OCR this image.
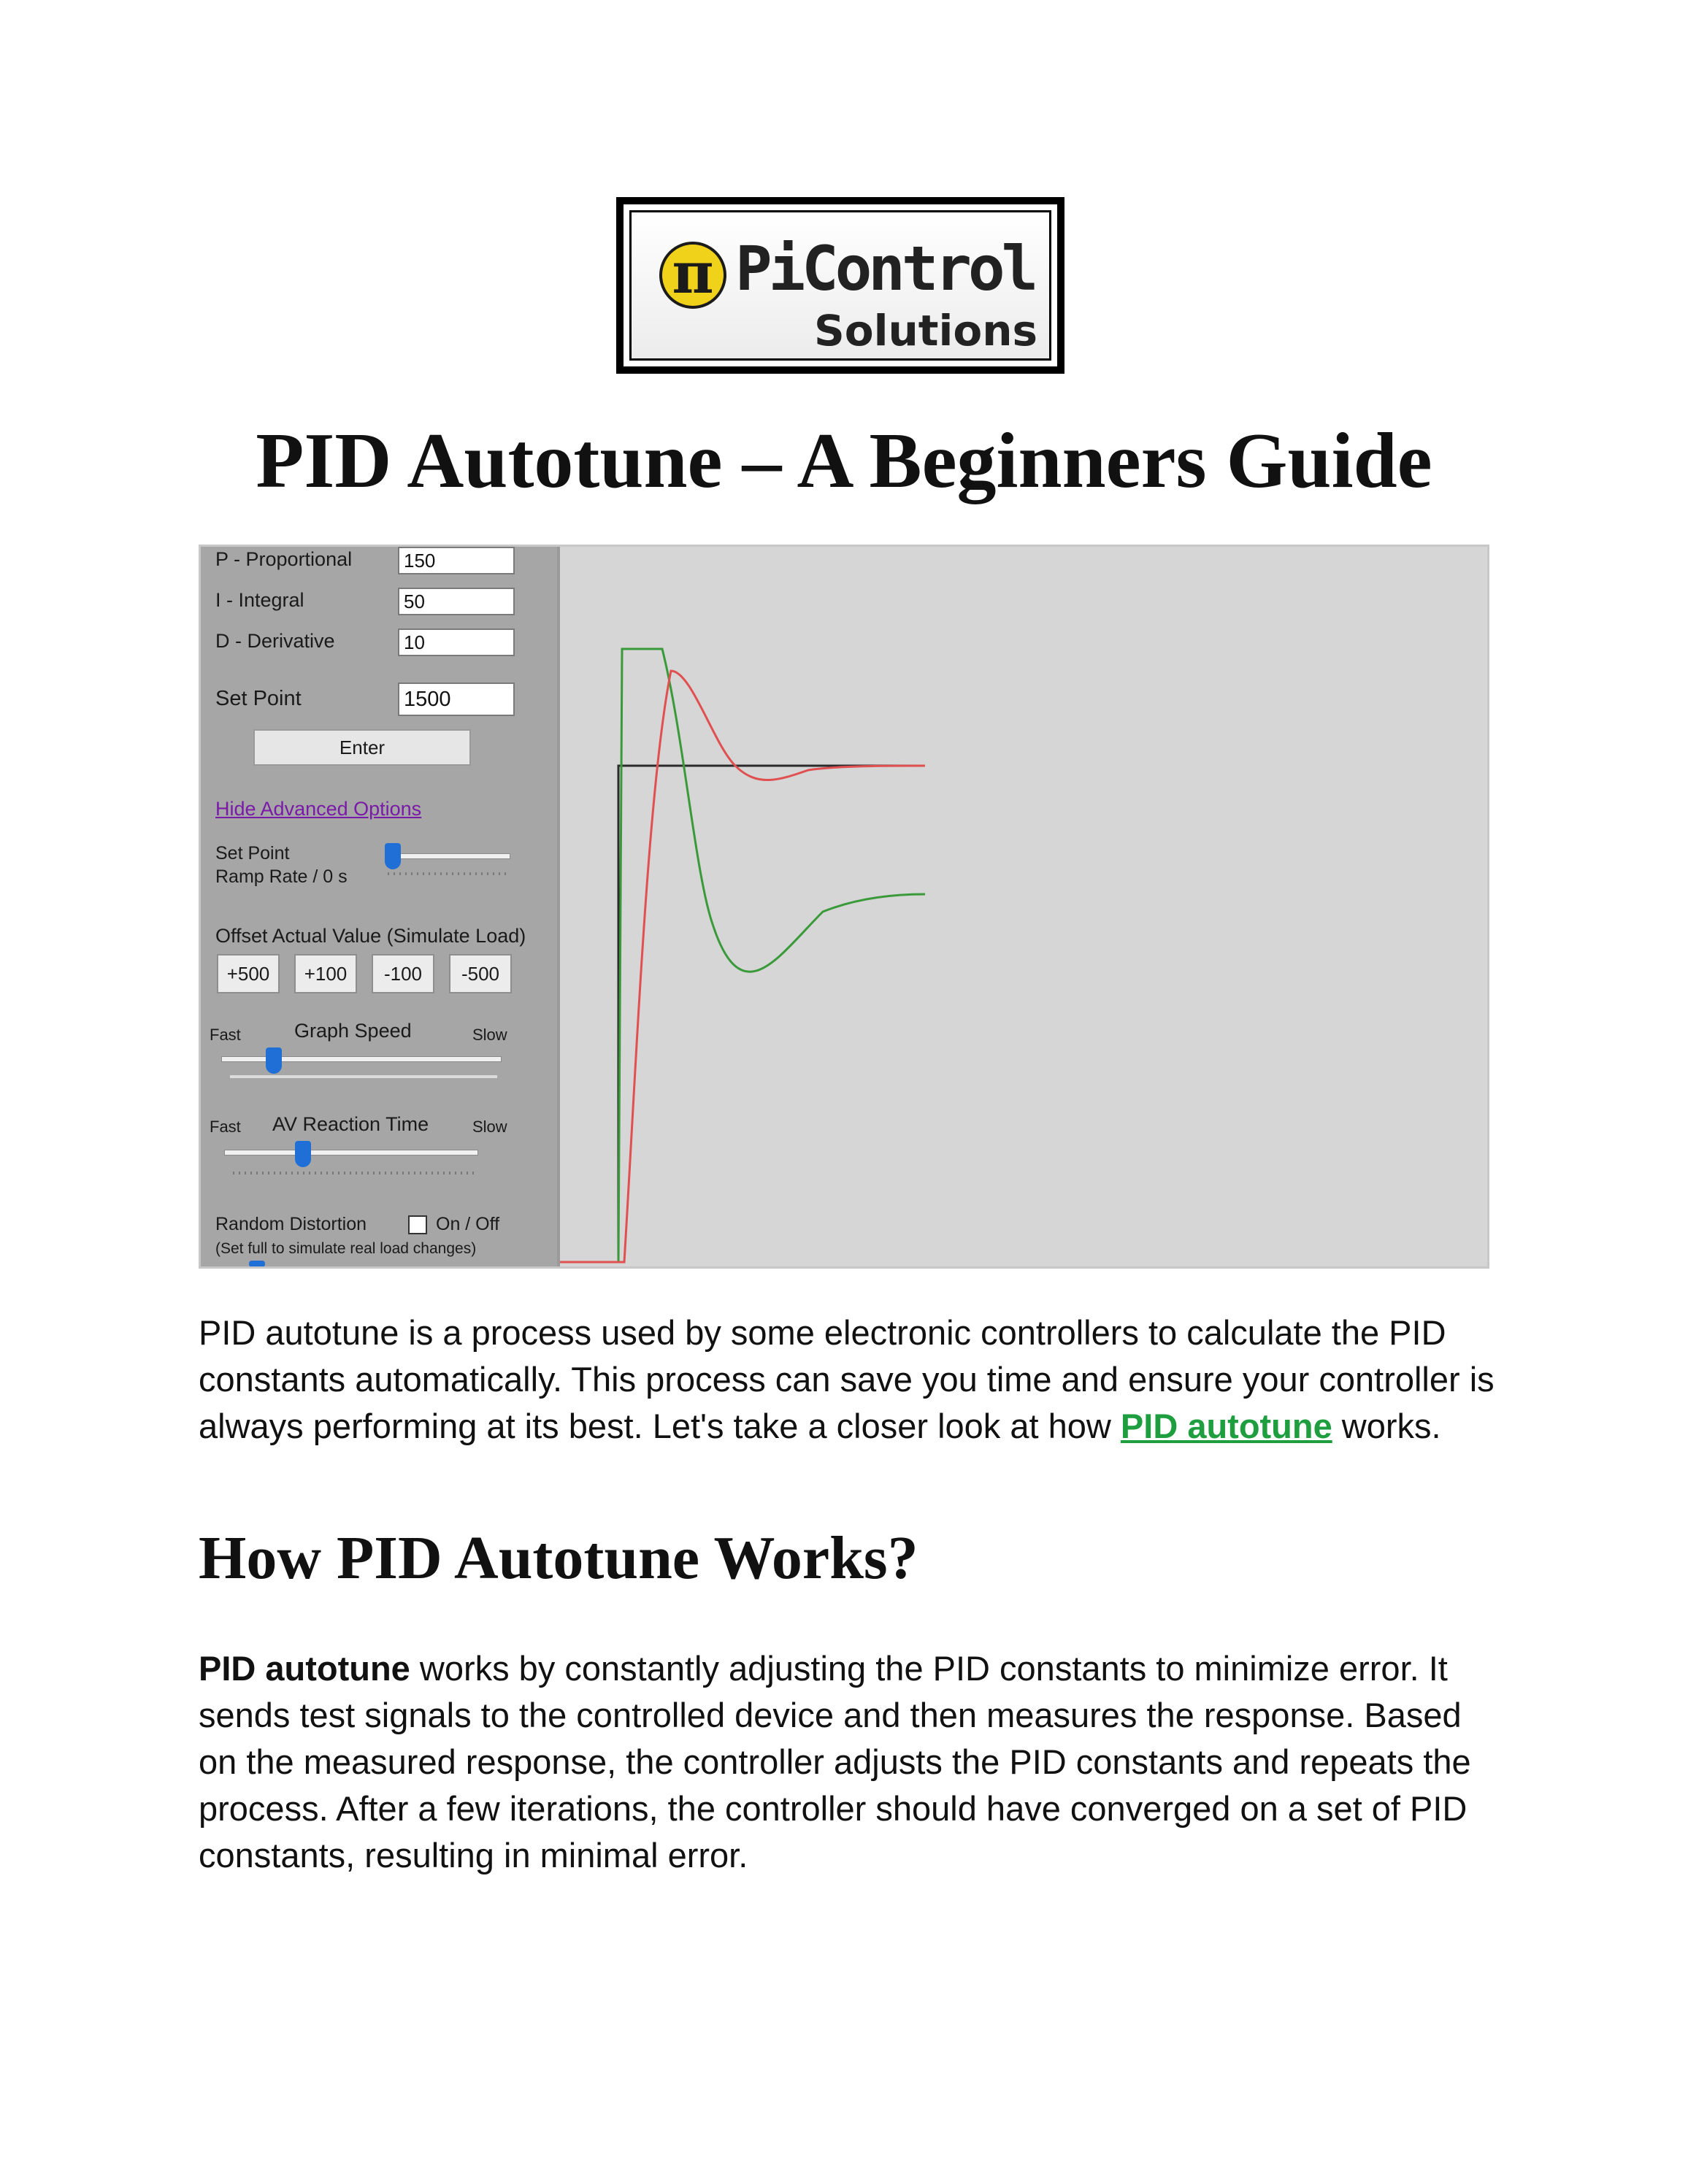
π PiControl
Solutions
PID Autotune – A Beginners Guide
P - Proportional	150
I - Integral	50
D - Derivative	10
Set Point	1500
Enter
Hide Advanced Options
Set Point
Ramp Rate / 0 s
Offset Actual Value (Simulate Load)
+500	+100	-100	-500
Fast	Graph Speed	Slow
Fast AV Reaction Time	Slow
Random Distortion	On / Off
(Set full to simulate real load changes)

PID autotune is a process used by some electronic controllers to calculate the PID constants automatically. This process can save you time and ensure your controller is always performing at its best. Let's take a closer look at how PID autotune works.

How PID Autotune Works?

PID autotune works by constantly adjusting the PID constants to minimize error. It sends test signals to the controlled device and then measures the response. Based on the measured response, the controller adjusts the PID constants and repeats the process. After a few iterations, the controller should have converged on a set of PID constants, resulting in minimal error.
